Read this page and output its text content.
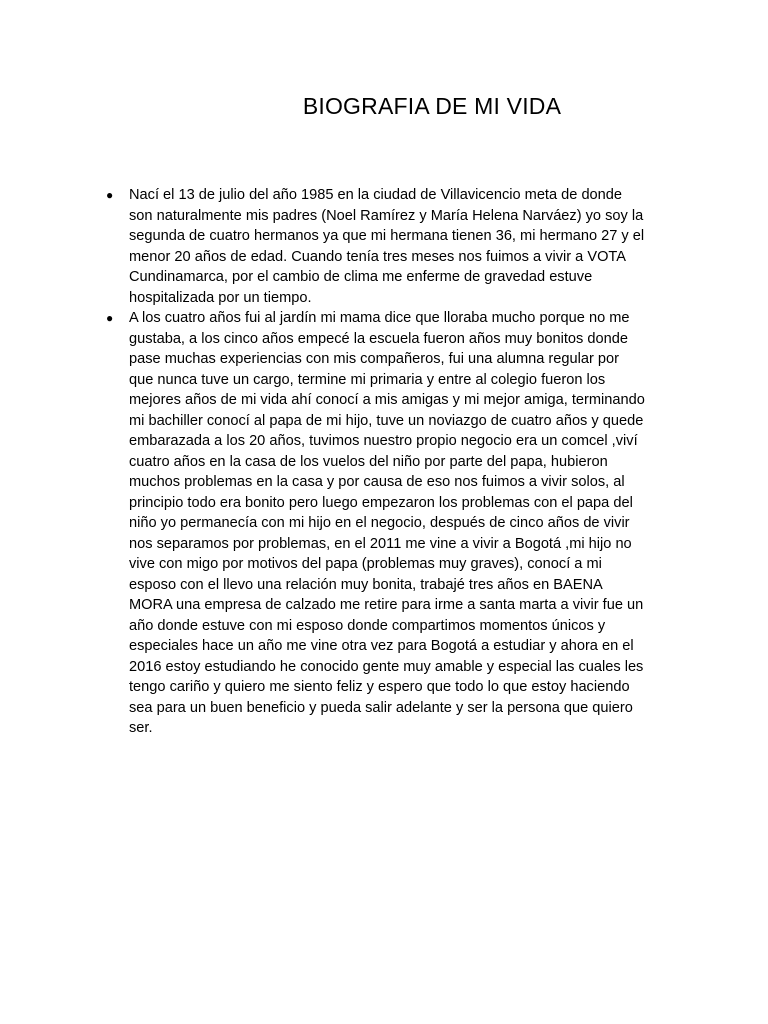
BIOGRAFIA DE MI VIDA
● Nací el 13 de julio del año 1985 en la ciudad de Villavicencio meta de donde son naturalmente mis padres (Noel Ramírez y María Helena Narváez) yo soy la segunda de cuatro hermanos ya que mi hermana tienen 36, mi hermano 27 y el menor 20 años de edad. Cuando tenía tres meses nos fuimos a vivir a VOTA Cundinamarca, por el cambio de clima me enferme de gravedad estuve hospitalizada por un tiempo.
● A los cuatro años fui al jardín mi mama dice que lloraba mucho porque no me gustaba, a los cinco años empecé la escuela fueron años muy bonitos donde pase muchas experiencias con mis compañeros, fui una alumna regular por que nunca tuve un cargo, termine mi primaria y entre al colegio fueron los mejores años de mi vida ahí conocí a mis amigas y mi mejor amiga, terminando mi bachiller conocí al papa de mi hijo, tuve un noviazgo de cuatro años y quede embarazada a los 20 años, tuvimos nuestro propio negocio era un comcel ,viví cuatro años en la casa de los vuelos del niño por parte del papa, hubieron muchos problemas en la casa y por causa de eso nos fuimos a vivir solos, al principio todo era bonito pero luego empezaron los problemas con el papa del niño yo permanecía con mi hijo en el negocio, después de cinco años de vivir nos separamos por problemas, en el 2011 me vine a vivir a Bogotá ,mi hijo no vive con migo por motivos del papa (problemas muy graves), conocí a mi esposo con el llevo una relación muy bonita, trabajé tres años en BAENA MORA una empresa de calzado me retire para irme a santa marta a vivir fue un año donde estuve con mi esposo donde compartimos momentos únicos y especiales hace un año me vine otra vez para Bogotá a estudiar y ahora en el 2016 estoy estudiando he conocido gente muy amable y especial las cuales les tengo cariño y quiero me siento feliz y espero que todo lo que estoy haciendo sea para un buen beneficio y pueda salir adelante y ser la persona que quiero ser.
